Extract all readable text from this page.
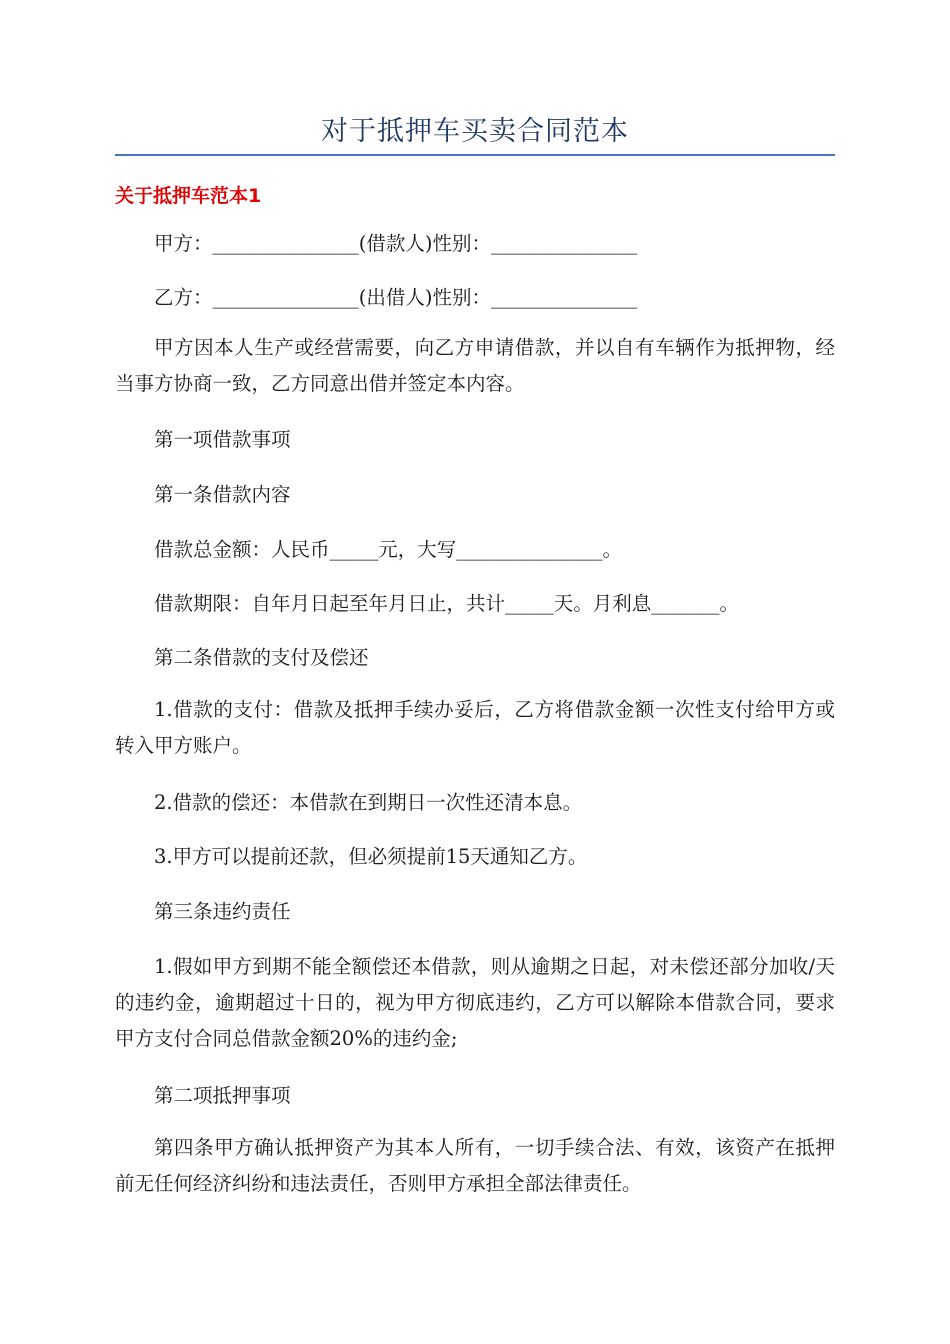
对于抵押车买卖合同范本
关于抵押车范本1

甲方：_______________(借款人)性别：_______________

乙方：_______________(出借人)性别：_______________

甲方因本人生产或经营需要，向乙方申请借款，并以自有车辆作为抵押物，经当事方协商一致，乙方同意出借并签定本内容。

第一项借款事项

第一条借款内容

借款总金额：人民币_____元，大写_______________。

借款期限：自年月日起至年月日止，共计_____天。月利息_______。

第二条借款的支付及偿还

1.借款的支付：借款及抵押手续办妥后，乙方将借款金额一次性支付给甲方或转入甲方账户。

2.借款的偿还：本借款在到期日一次性还清本息。

3.甲方可以提前还款，但必须提前15天通知乙方。

第三条违约责任

1.假如甲方到期不能全额偿还本借款，则从逾期之日起，对未偿还部分加收/天的违约金，逾期超过十日的，视为甲方彻底违约，乙方可以解除本借款合同，要求甲方支付合同总借款金额20%的违约金;

第二项抵押事项

第四条甲方确认抵押资产为其本人所有，一切手续合法、有效，该资产在抵押前无任何经济纠纷和违法责任，否则甲方承担全部法律责任。
